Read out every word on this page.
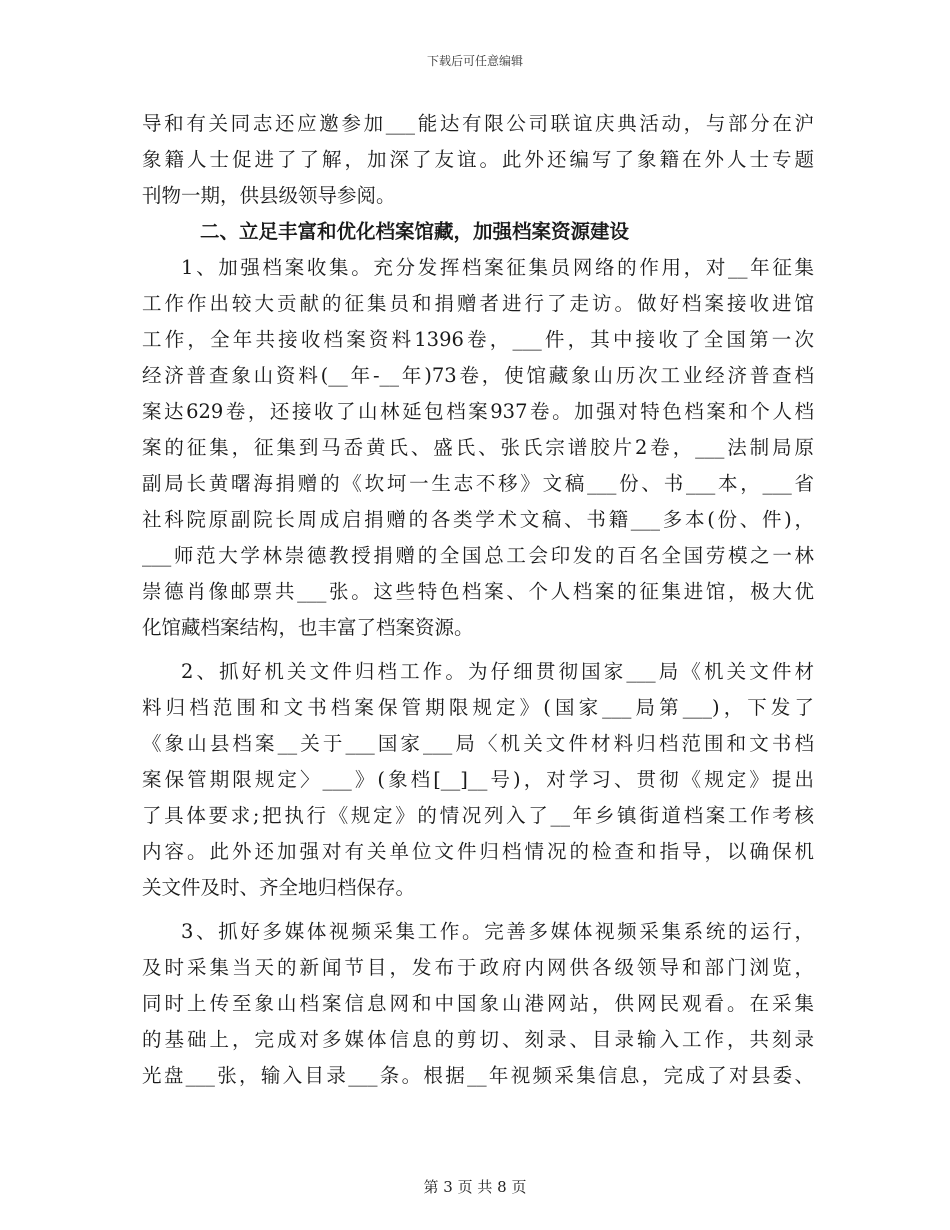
下载后可任意编辑
导和有关同志还应邀参加___能达有限公司联谊庆典活动，与部分在沪
象籍人士促进了了解，加深了友谊。此外还编写了象籍在外人士专题
刊物一期，供县级领导参阅。
二、立足丰富和优化档案馆藏，加强档案资源建设
1、加强档案收集。充分发挥档案征集员网络的作用，对__年征集
工作作出较大贡献的征集员和捐赠者进行了走访。做好档案接收进馆
工作，全年共接收档案资料1396卷，___件，其中接收了全国第一次
经济普查象山资料(__年-__年)73卷，使馆藏象山历次工业经济普查档
案达629卷，还接收了山林延包档案937卷。加强对特色档案和个人档
案的征集，征集到马岙黄氏、盛氏、张氏宗谱胶片2卷，___法制局原
副局长黄曙海捐赠的《坎坷一生志不移》文稿___份、书___本，___省
社科院原副院长周成启捐赠的各类学术文稿、书籍___多本(份、件)，
___师范大学林崇德教授捐赠的全国总工会印发的百名全国劳模之一林
崇德肖像邮票共___张。这些特色档案、个人档案的征集进馆，极大优
化馆藏档案结构，也丰富了档案资源。
2、抓好机关文件归档工作。为仔细贯彻国家___局《机关文件材
料归档范围和文书档案保管期限规定》(国家___局第___)，下发了
《象山县档案__关于___国家___局〈机关文件材料归档范围和文书档
案保管期限规定〉___》(象档[__]__号)，对学习、贯彻《规定》提出
了具体要求;把执行《规定》的情况列入了__年乡镇街道档案工作考核
内容。此外还加强对有关单位文件归档情况的检查和指导，以确保机
关文件及时、齐全地归档保存。
3、抓好多媒体视频采集工作。完善多媒体视频采集系统的运行，
及时采集当天的新闻节目，发布于政府内网供各级领导和部门浏览，
同时上传至象山档案信息网和中国象山港网站，供网民观看。在采集
的基础上，完成对多媒体信息的剪切、刻录、目录输入工作，共刻录
光盘___张，输入目录___条。根据__年视频采集信息，完成了对县委、
第 3 页 共 8 页
